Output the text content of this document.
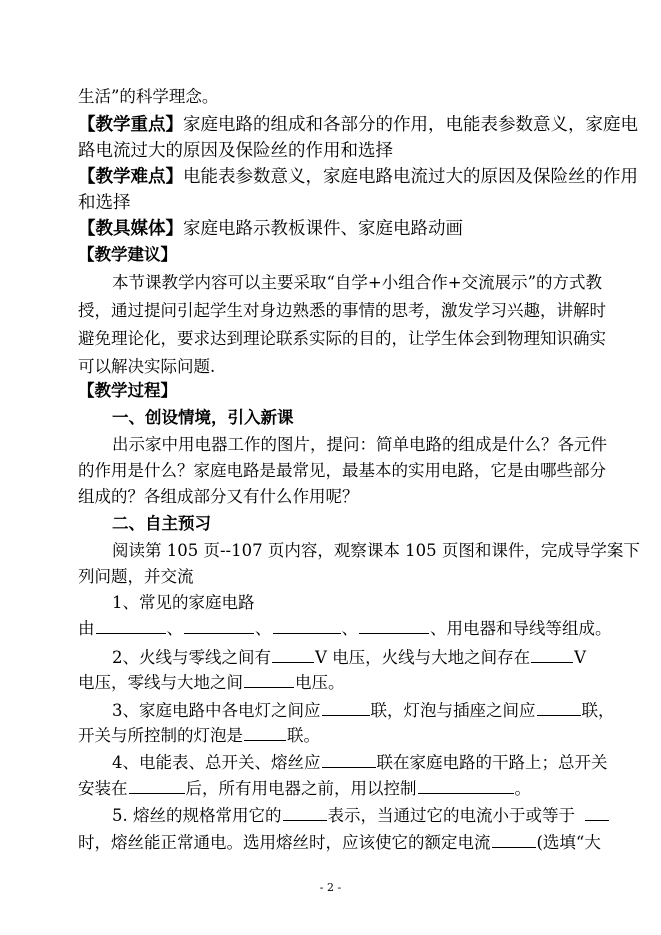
生活”的科学理念。
【教学重点】家庭电路的组成和各部分的作用，电能表参数意义，家庭电
路电流过大的原因及保险丝的作用和选择
【教学难点】电能表参数意义，家庭电路电流过大的原因及保险丝的作用
和选择
【教具媒体】家庭电路示教板课件、家庭电路动画
【教学建议】
本节课教学内容可以主要采取“自学+小组合作+交流展示”的方式教
授，通过提问引起学生对身边熟悉的事情的思考，激发学习兴趣，讲解时
避免理论化，要求达到理论联系实际的目的，让学生体会到物理知识确实
可以解决实际问题.
【教学过程】
一、创设情境，引入新课
出示家中用电器工作的图片，提问：简单电路的组成是什么？各元件
的作用是什么？家庭电路是最常见，最基本的实用电路，它是由哪些部分
组成的？各组成部分又有什么作用呢？
二、自主预习
阅读第 105 页--107 页内容，观察课本 105 页图和课件，完成导学案下
列问题，并交流
1、常见的家庭电路
由	、	、	、	、用电器和导线等组成。
2、火线与零线之间有	V 电压，火线与大地之间存在	V
电压，零线与大地之间	电压。
3、家庭电路中各电灯之间应	联，灯泡与插座之间应	联，
开关与所控制的灯泡是	联。
4、电能表、总开关、熔丝应	联在家庭电路的干路上；总开关
安装在	后，所有用电器之前，用以控制	。
5. 熔丝的规格常用它的	表示，当通过它的电流小于或等于
时，熔丝能正常通电。选用熔丝时，应该使它的额定电流	(选填“大
- 2 -
